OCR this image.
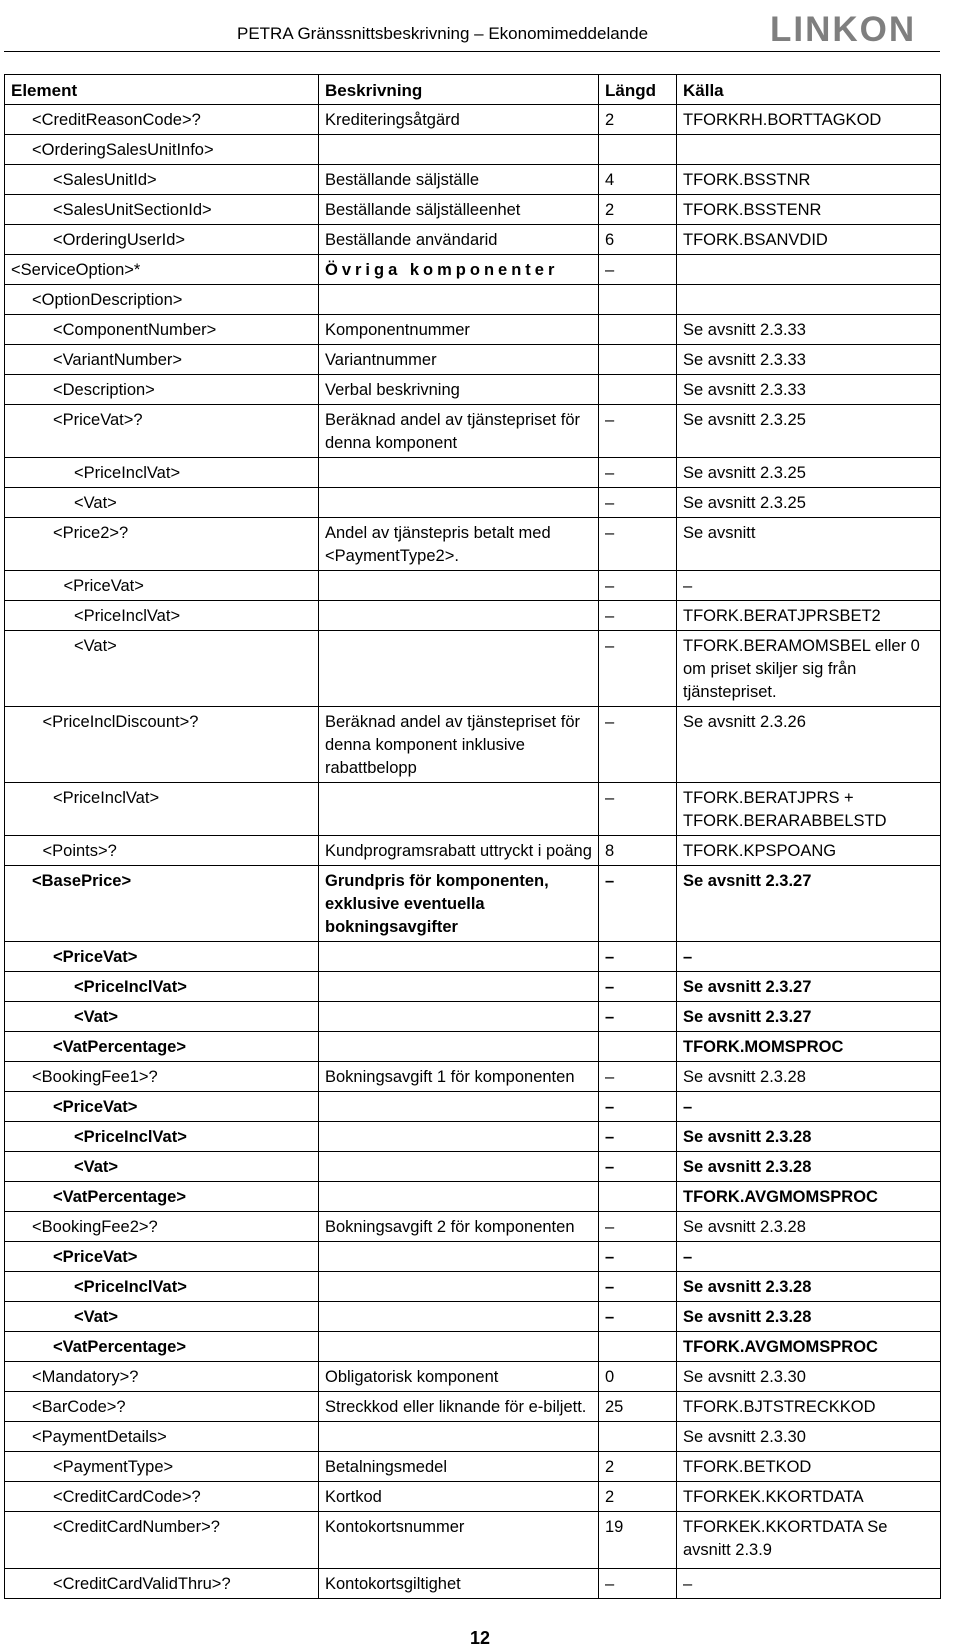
PETRA Gränssnittsbeskrivning – Ekonomimeddelande	LINKON
Element	Beskrivning	Längd	Källa
<CreditReasonCode>?	Krediteringsåtgärd	2	TFORKRH.BORTTAGKOD
<OrderingSalesUnitInfo>			
<SalesUnitId>	Beställande säljställe	4	TFORK.BSSTNR
<SalesUnitSectionId>	Beställande säljställeenhet	2	TFORK.BSSTENR
<OrderingUserId>	Beställande användarid	6	TFORK.BSANVDID
<ServiceOption>*	Övriga komponenter	–	
<OptionDescription>			
<ComponentNumber>	Komponentnummer		Se avsnitt 2.3.33
<VariantNumber>	Variantnummer		Se avsnitt 2.3.33
<Description>	Verbal beskrivning		Se avsnitt 2.3.33
<PriceVat>?	Beräknad andel av tjänstepriset för denna komponent	–	Se avsnitt 2.3.25
<PriceInclVat>		–	Se avsnitt 2.3.25
<Vat>		–	Se avsnitt 2.3.25
<Price2>?	Andel av tjänstepris betalt med <PaymentType2>.	–	Se avsnitt
<PriceVat>		–	–
<PriceInclVat>		–	TFORK.BERATJPRSBET2
<Vat>		–	TFORK.BERAMOMSBEL eller 0 om priset skiljer sig från tjänstepriset.
<PriceInclDiscount>?	Beräknad andel av tjänstepriset för denna komponent inklusive rabattbelopp	–	Se avsnitt 2.3.26
<PriceInclVat>		–	TFORK.BERATJPRS + TFORK.BERARABBELSTD
<Points>?	Kundprogramsrabatt uttryckt i poäng	8	TFORK.KPSPOANG
<BasePrice>	Grundpris för komponenten, exklusive eventuella bokningsavgifter	–	Se avsnitt 2.3.27
<PriceVat>		–	–
<PriceInclVat>		–	Se avsnitt 2.3.27
<Vat>		–	Se avsnitt 2.3.27
<VatPercentage>			TFORK.MOMSPROC
<BookingFee1>?	Bokningsavgift 1 för komponenten	–	Se avsnitt 2.3.28
<PriceVat>		–	–
<PriceInclVat>		–	Se avsnitt 2.3.28
<Vat>		–	Se avsnitt 2.3.28
<VatPercentage>			TFORK.AVGMOMSPROC
<BookingFee2>?	Bokningsavgift 2 för komponenten	–	Se avsnitt 2.3.28
<PriceVat>		–	–
<PriceInclVat>		–	Se avsnitt 2.3.28
<Vat>		–	Se avsnitt 2.3.28
<VatPercentage>			TFORK.AVGMOMSPROC
<Mandatory>?	Obligatorisk komponent	0	Se avsnitt 2.3.30
<BarCode>?	Streckkod eller liknande för e-biljett.	25	TFORK.BJTSTRECKKOD
<PaymentDetails>			Se avsnitt 2.3.30
<PaymentType>	Betalningsmedel	2	TFORK.BETKOD
<CreditCardCode>?	Kortkod	2	TFORKEK.KKORTDATA
<CreditCardNumber>?	Kontokortsnummer	19	TFORKEK.KKORTDATA Se avsnitt 2.3.9
<CreditCardValidThru>?	Kontokortsgiltighet	–	–
12
